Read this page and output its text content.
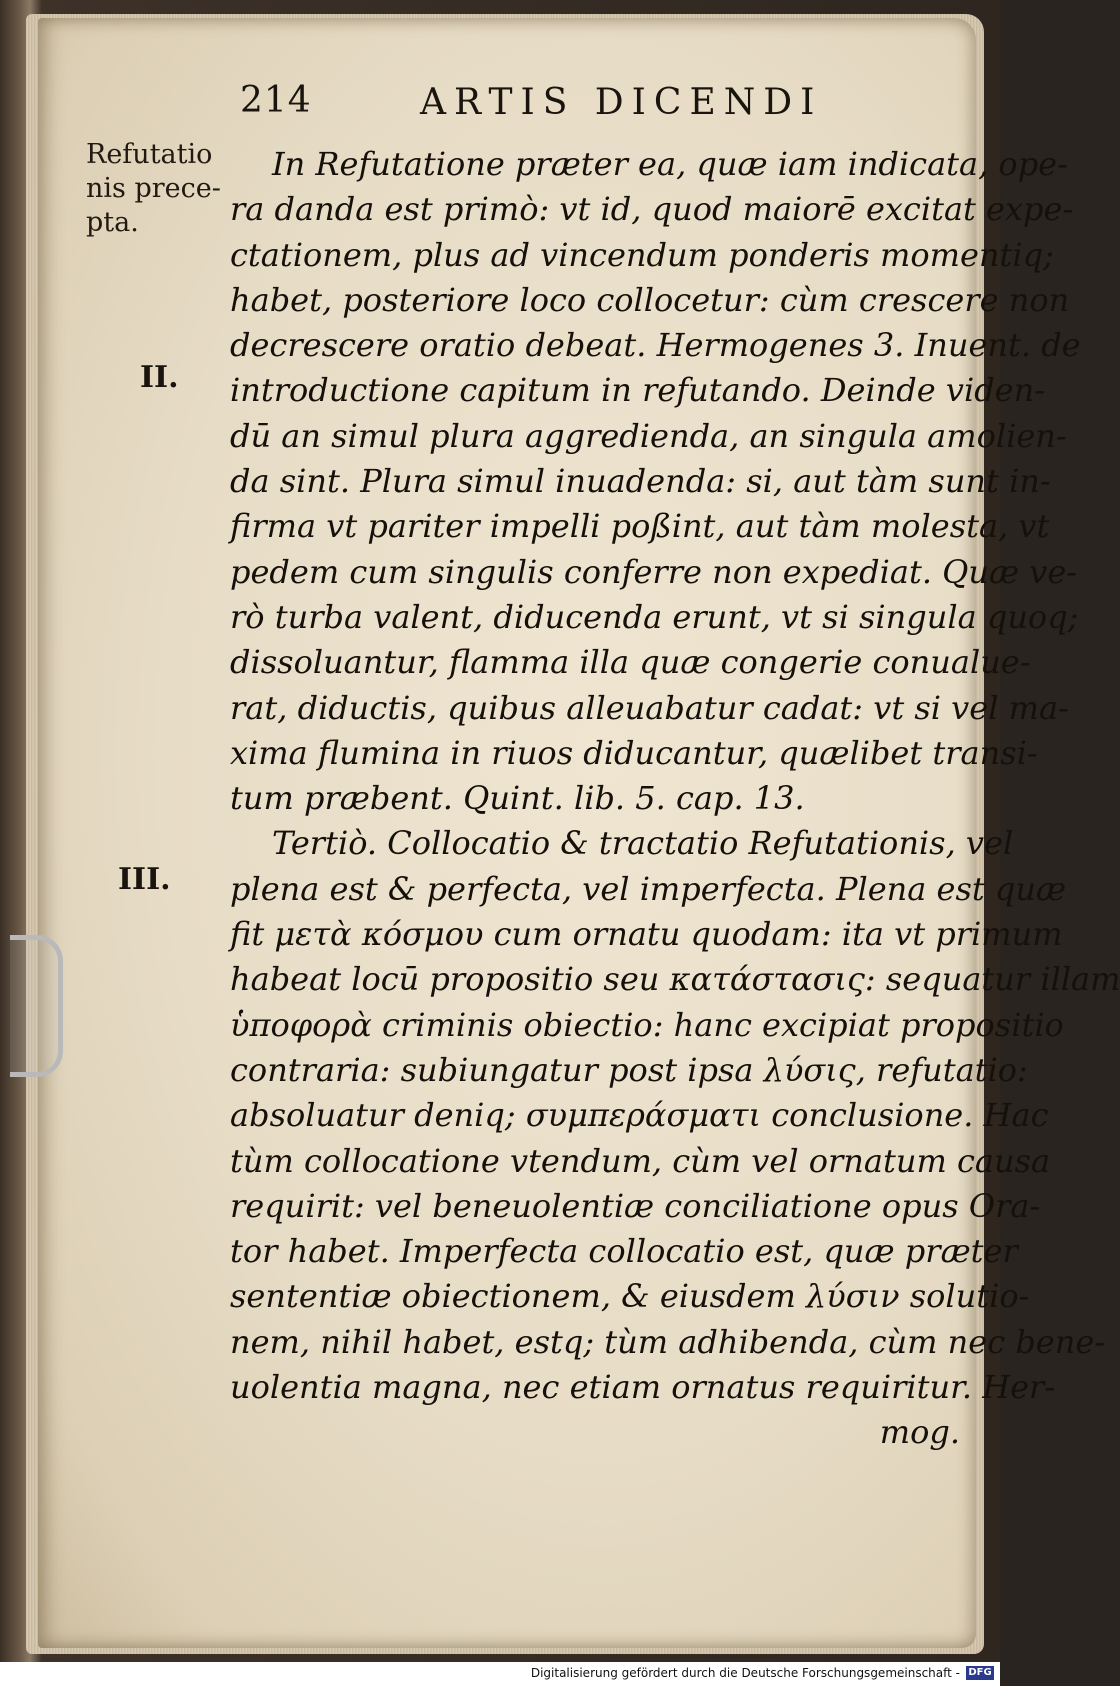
214	ARTIS DICENDI
Refutatio
nis prece-
pta.
II.
III.
In Refutatione præter ea, quæ iam indicata, ope-
ra danda est primò: vt id, quod maiorē excitat expe-
ctationem, plus ad vincendum ponderis momentiq;
habet, posteriore loco collocetur: cùm crescere non
decrescere oratio debeat. Hermogenes 3. Inuent. de
introductione capitum in refutando. Deinde viden-
dū an simul plura aggredienda, an singula amolien-
da sint. Plura simul inuadenda: si, aut tàm sunt in-
firma vt pariter impelli poßint, aut tàm molesta, vt
pedem cum singulis conferre non expediat. Quæ ve-
rò turba valent, diducenda erunt, vt si singula quoq;
dissoluantur, flamma illa quæ congerie conualue-
rat, diductis, quibus alleuabatur cadat: vt si vel ma-
xima flumina in riuos diducantur, quælibet transi-
tum præbent. Quint. lib. 5. cap. 13.
Tertiò. Collocatio & tractatio Refutationis, vel
plena est & perfecta, vel imperfecta. Plena est quæ
fit μετὰ κόσμου cum ornatu quodam: ita vt primum
habeat locū propositio seu κατάστασις: sequatur illam
ὑποφορὰ criminis obiectio: hanc excipiat propositio
contraria: subiungatur post ipsa λύσις, refutatio:
absoluatur deniq; συμπεράσματι conclusione. Hac
tùm collocatione vtendum, cùm vel ornatum causa
requirit: vel beneuolentiæ conciliatione opus Ora-
tor habet. Imperfecta collocatio est, quæ præter
sententiæ obiectionem, & eiusdem λύσιν solutio-
nem, nihil habet, estq; tùm adhibenda, cùm nec bene-
uolentia magna, nec etiam ornatus requiritur. Her-
mog.
Digitalisierung gefördert durch die Deutsche Forschungsgemeinschaft - DFG
